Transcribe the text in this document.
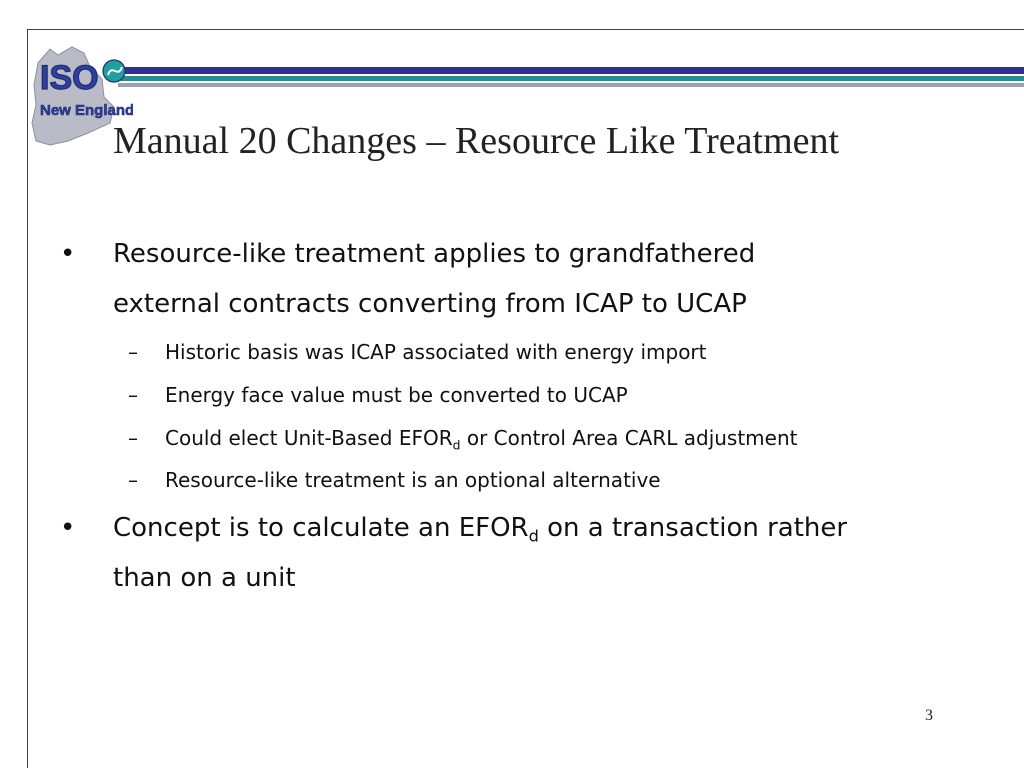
ISO
New England
Manual 20 Changes – Resource Like Treatment
•	Resource-like treatment applies to grandfathered
external contracts converting from ICAP to UCAP
–	Historic basis was ICAP associated with energy import
–	Energy face value must be converted to UCAP
–	Could elect Unit-Based $EFOR_d$ or Control Area CARL adjustment
–	Resource-like treatment is an optional alternative
•	Concept is to calculate an $EFOR_d$ on a transaction rather
than on a unit
3
